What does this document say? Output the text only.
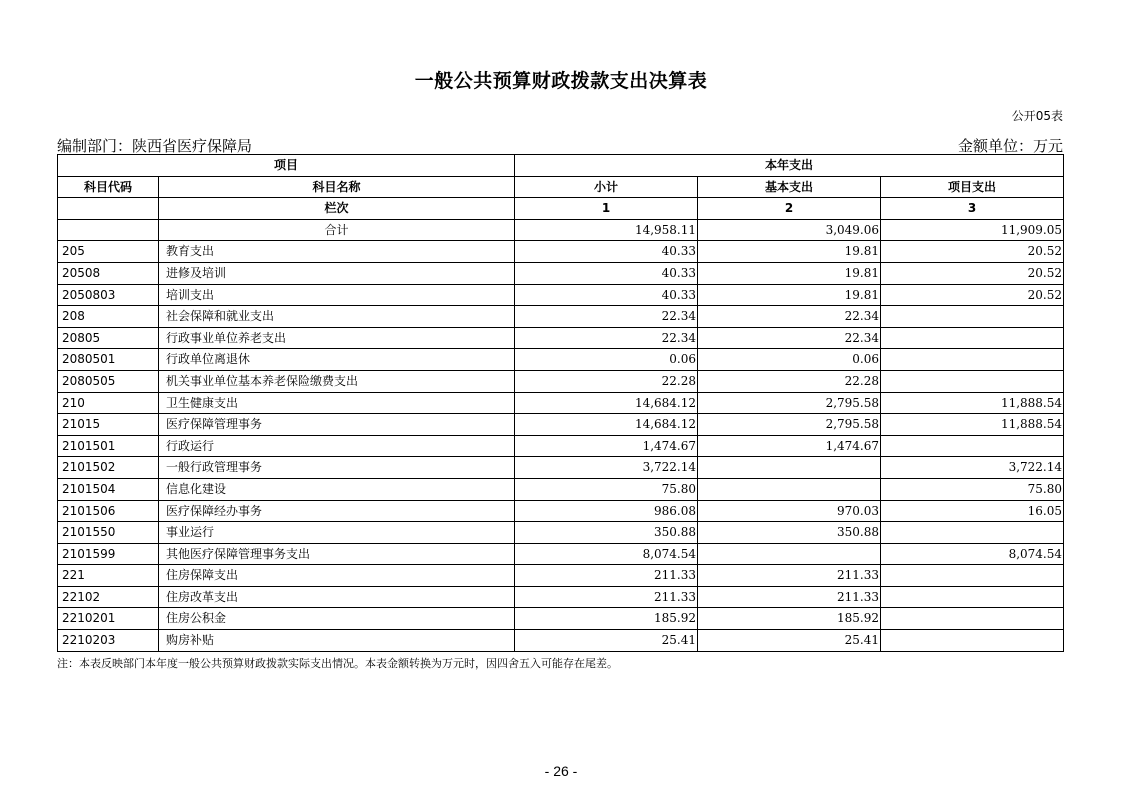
一般公共预算财政拨款支出决算表
公开05表
编制部门：陕西省医疗保障局	金额单位：万元
项目		本年支出		
科目代码	科目名称	小计	基本支出	项目支出
	栏次	1	2	3
	合计	14,958.11	3,049.06	11,909.05
205	教育支出	40.33	19.81	20.52
20508	进修及培训	40.33	19.81	20.52
2050803	培训支出	40.33	19.81	20.52
208	社会保障和就业支出	22.34	22.34	
20805	行政事业单位养老支出	22.34	22.34	
2080501	行政单位离退休	0.06	0.06	
2080505	机关事业单位基本养老保险缴费支出	22.28	22.28	
210	卫生健康支出	14,684.12	2,795.58	11,888.54
21015	医疗保障管理事务	14,684.12	2,795.58	11,888.54
2101501	行政运行	1,474.67	1,474.67	
2101502	一般行政管理事务	3,722.14		3,722.14
2101504	信息化建设	75.80		75.80
2101506	医疗保障经办事务	986.08	970.03	16.05
2101550	事业运行	350.88	350.88	
2101599	其他医疗保障管理事务支出	8,074.54		8,074.54
221	住房保障支出	211.33	211.33	
22102	住房改革支出	211.33	211.33	
2210201	住房公积金	185.92	185.92	
2210203	购房补贴	25.41	25.41	
注：本表反映部门本年度一般公共预算财政拨款实际支出情况。本表金额转换为万元时，因四舍五入可能存在尾差。
- 26 -
